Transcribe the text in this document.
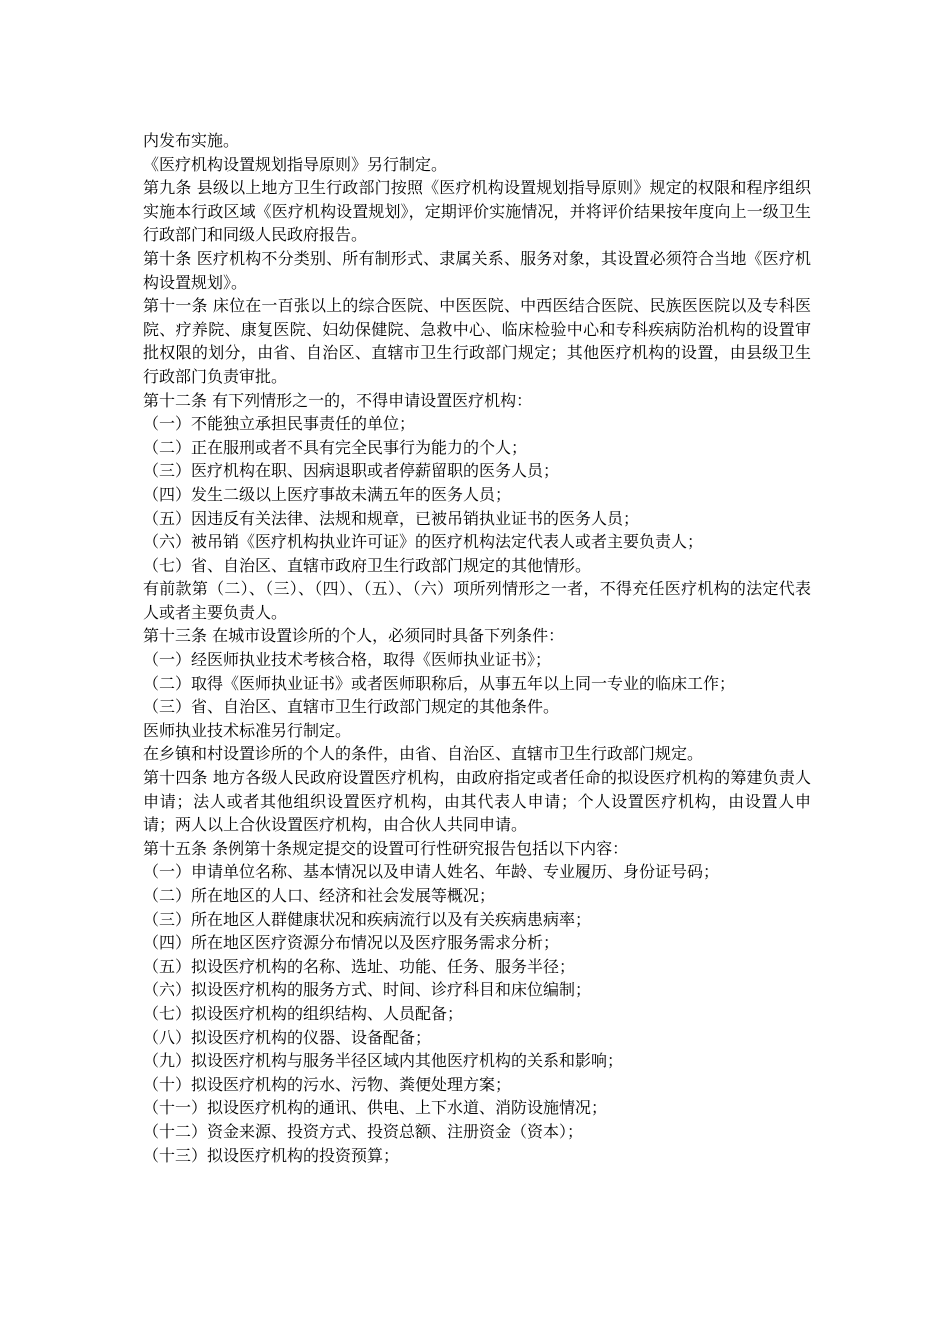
内发布实施。

《医疗机构设置规划指导原则》另行制定。

第九条 县级以上地方卫生行政部门按照《医疗机构设置规划指导原则》规定的权限和程序组织实施本行政区域《医疗机构设置规划》，定期评价实施情况，并将评价结果按年度向上一级卫生行政部门和同级人民政府报告。

第十条 医疗机构不分类别、所有制形式、隶属关系、服务对象，其设置必须符合当地《医疗机构设置规划》。

第十一条 床位在一百张以上的综合医院、中医医院、中西医结合医院、民族医医院以及专科医院、疗养院、康复医院、妇幼保健院、急救中心、临床检验中心和专科疾病防治机构的设置审批权限的划分，由省、自治区、直辖市卫生行政部门规定；其他医疗机构的设置，由县级卫生行政部门负责审批。

第十二条 有下列情形之一的，不得申请设置医疗机构：

（一）不能独立承担民事责任的单位；

（二）正在服刑或者不具有完全民事行为能力的个人；

（三）医疗机构在职、因病退职或者停薪留职的医务人员；

（四）发生二级以上医疗事故未满五年的医务人员；

（五）因违反有关法律、法规和规章，已被吊销执业证书的医务人员；

（六）被吊销《医疗机构执业许可证》的医疗机构法定代表人或者主要负责人；

（七）省、自治区、直辖市政府卫生行政部门规定的其他情形。

有前款第（二）、（三）、（四）、（五）、（六）项所列情形之一者，不得充任医疗机构的法定代表人或者主要负责人。

第十三条 在城市设置诊所的个人，必须同时具备下列条件：

（一）经医师执业技术考核合格，取得《医师执业证书》；

（二）取得《医师执业证书》或者医师职称后，从事五年以上同一专业的临床工作；

（三）省、自治区、直辖市卫生行政部门规定的其他条件。

医师执业技术标准另行制定。

在乡镇和村设置诊所的个人的条件，由省、自治区、直辖市卫生行政部门规定。

第十四条 地方各级人民政府设置医疗机构，由政府指定或者任命的拟设医疗机构的筹建负责人申请；法人或者其他组织设置医疗机构，由其代表人申请；个人设置医疗机构，由设置人申请；两人以上合伙设置医疗机构，由合伙人共同申请。

第十五条 条例第十条规定提交的设置可行性研究报告包括以下内容：

（一）申请单位名称、基本情况以及申请人姓名、年龄、专业履历、身份证号码；

（二）所在地区的人口、经济和社会发展等概况；

（三）所在地区人群健康状况和疾病流行以及有关疾病患病率；

（四）所在地区医疗资源分布情况以及医疗服务需求分析；

（五）拟设医疗机构的名称、选址、功能、任务、服务半径；

（六）拟设医疗机构的服务方式、时间、诊疗科目和床位编制；

（七）拟设医疗机构的组织结构、人员配备；

（八）拟设医疗机构的仪器、设备配备；

（九）拟设医疗机构与服务半径区域内其他医疗机构的关系和影响；

（十）拟设医疗机构的污水、污物、粪便处理方案；

（十一）拟设医疗机构的通讯、供电、上下水道、消防设施情况；

（十二）资金来源、投资方式、投资总额、注册资金（资本）；

（十三）拟设医疗机构的投资预算；
